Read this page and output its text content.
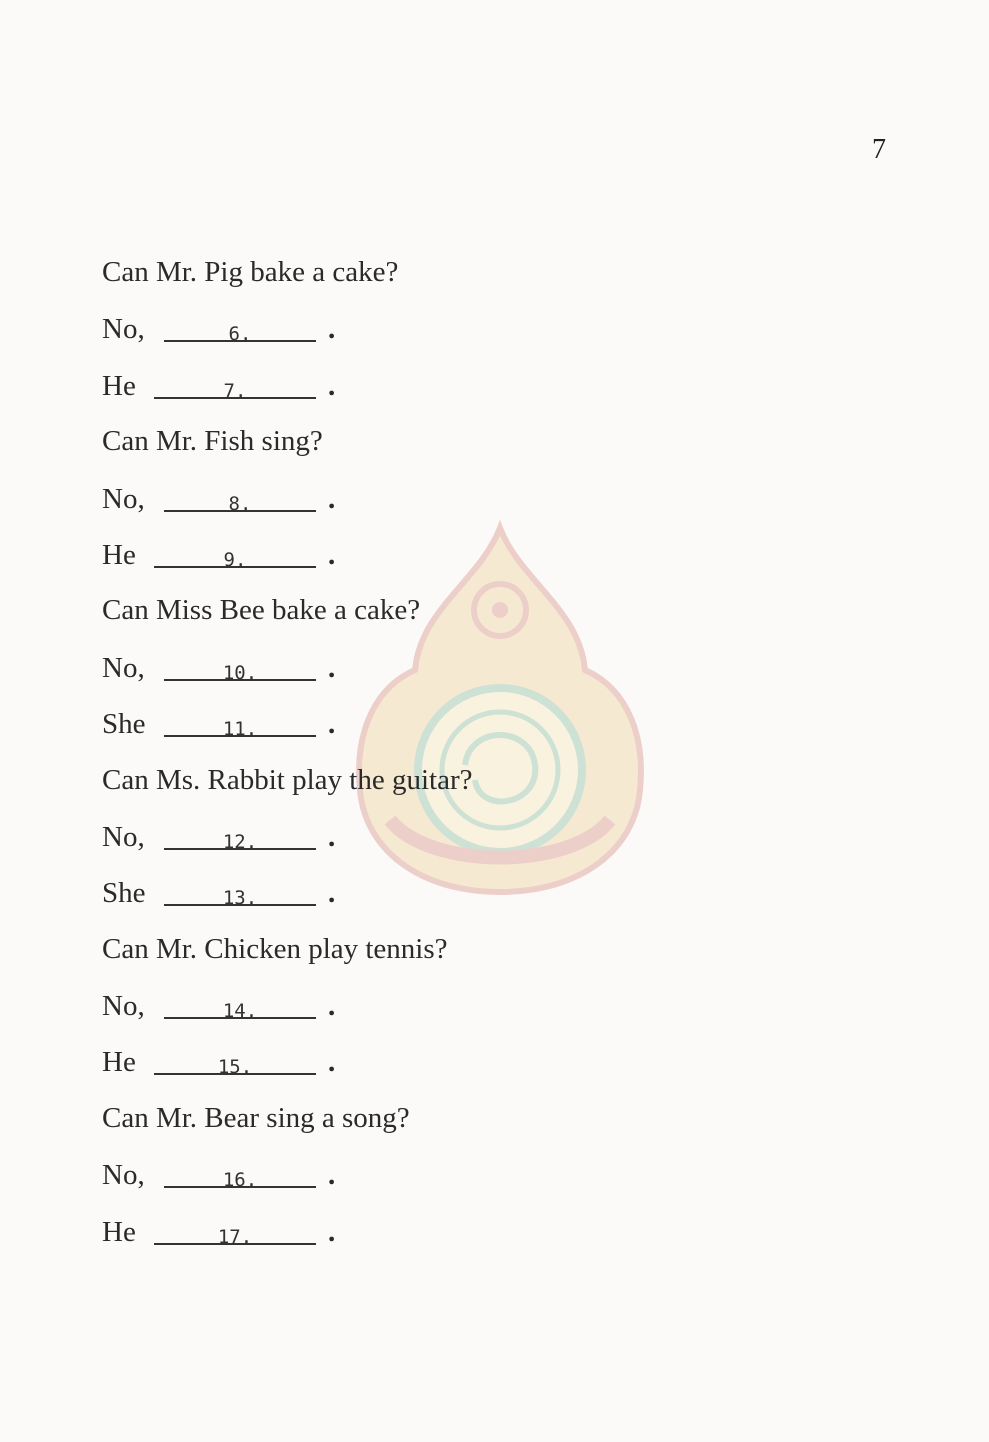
7
Can Mr. Pig bake a cake?
No,	6.	.
He	7.	.
Can Mr. Fish sing?
No,	8.	.
He	9.	.
Can Miss Bee bake a cake?
No,	10.	.
She	11.	.
Can Ms. Rabbit play the guitar?
No,	12.	.
She	13.	.
Can Mr. Chicken play tennis?
No,	14.	.
He	15.	.
Can Mr. Bear sing a song?
No,	16.	.
He	17.	.
